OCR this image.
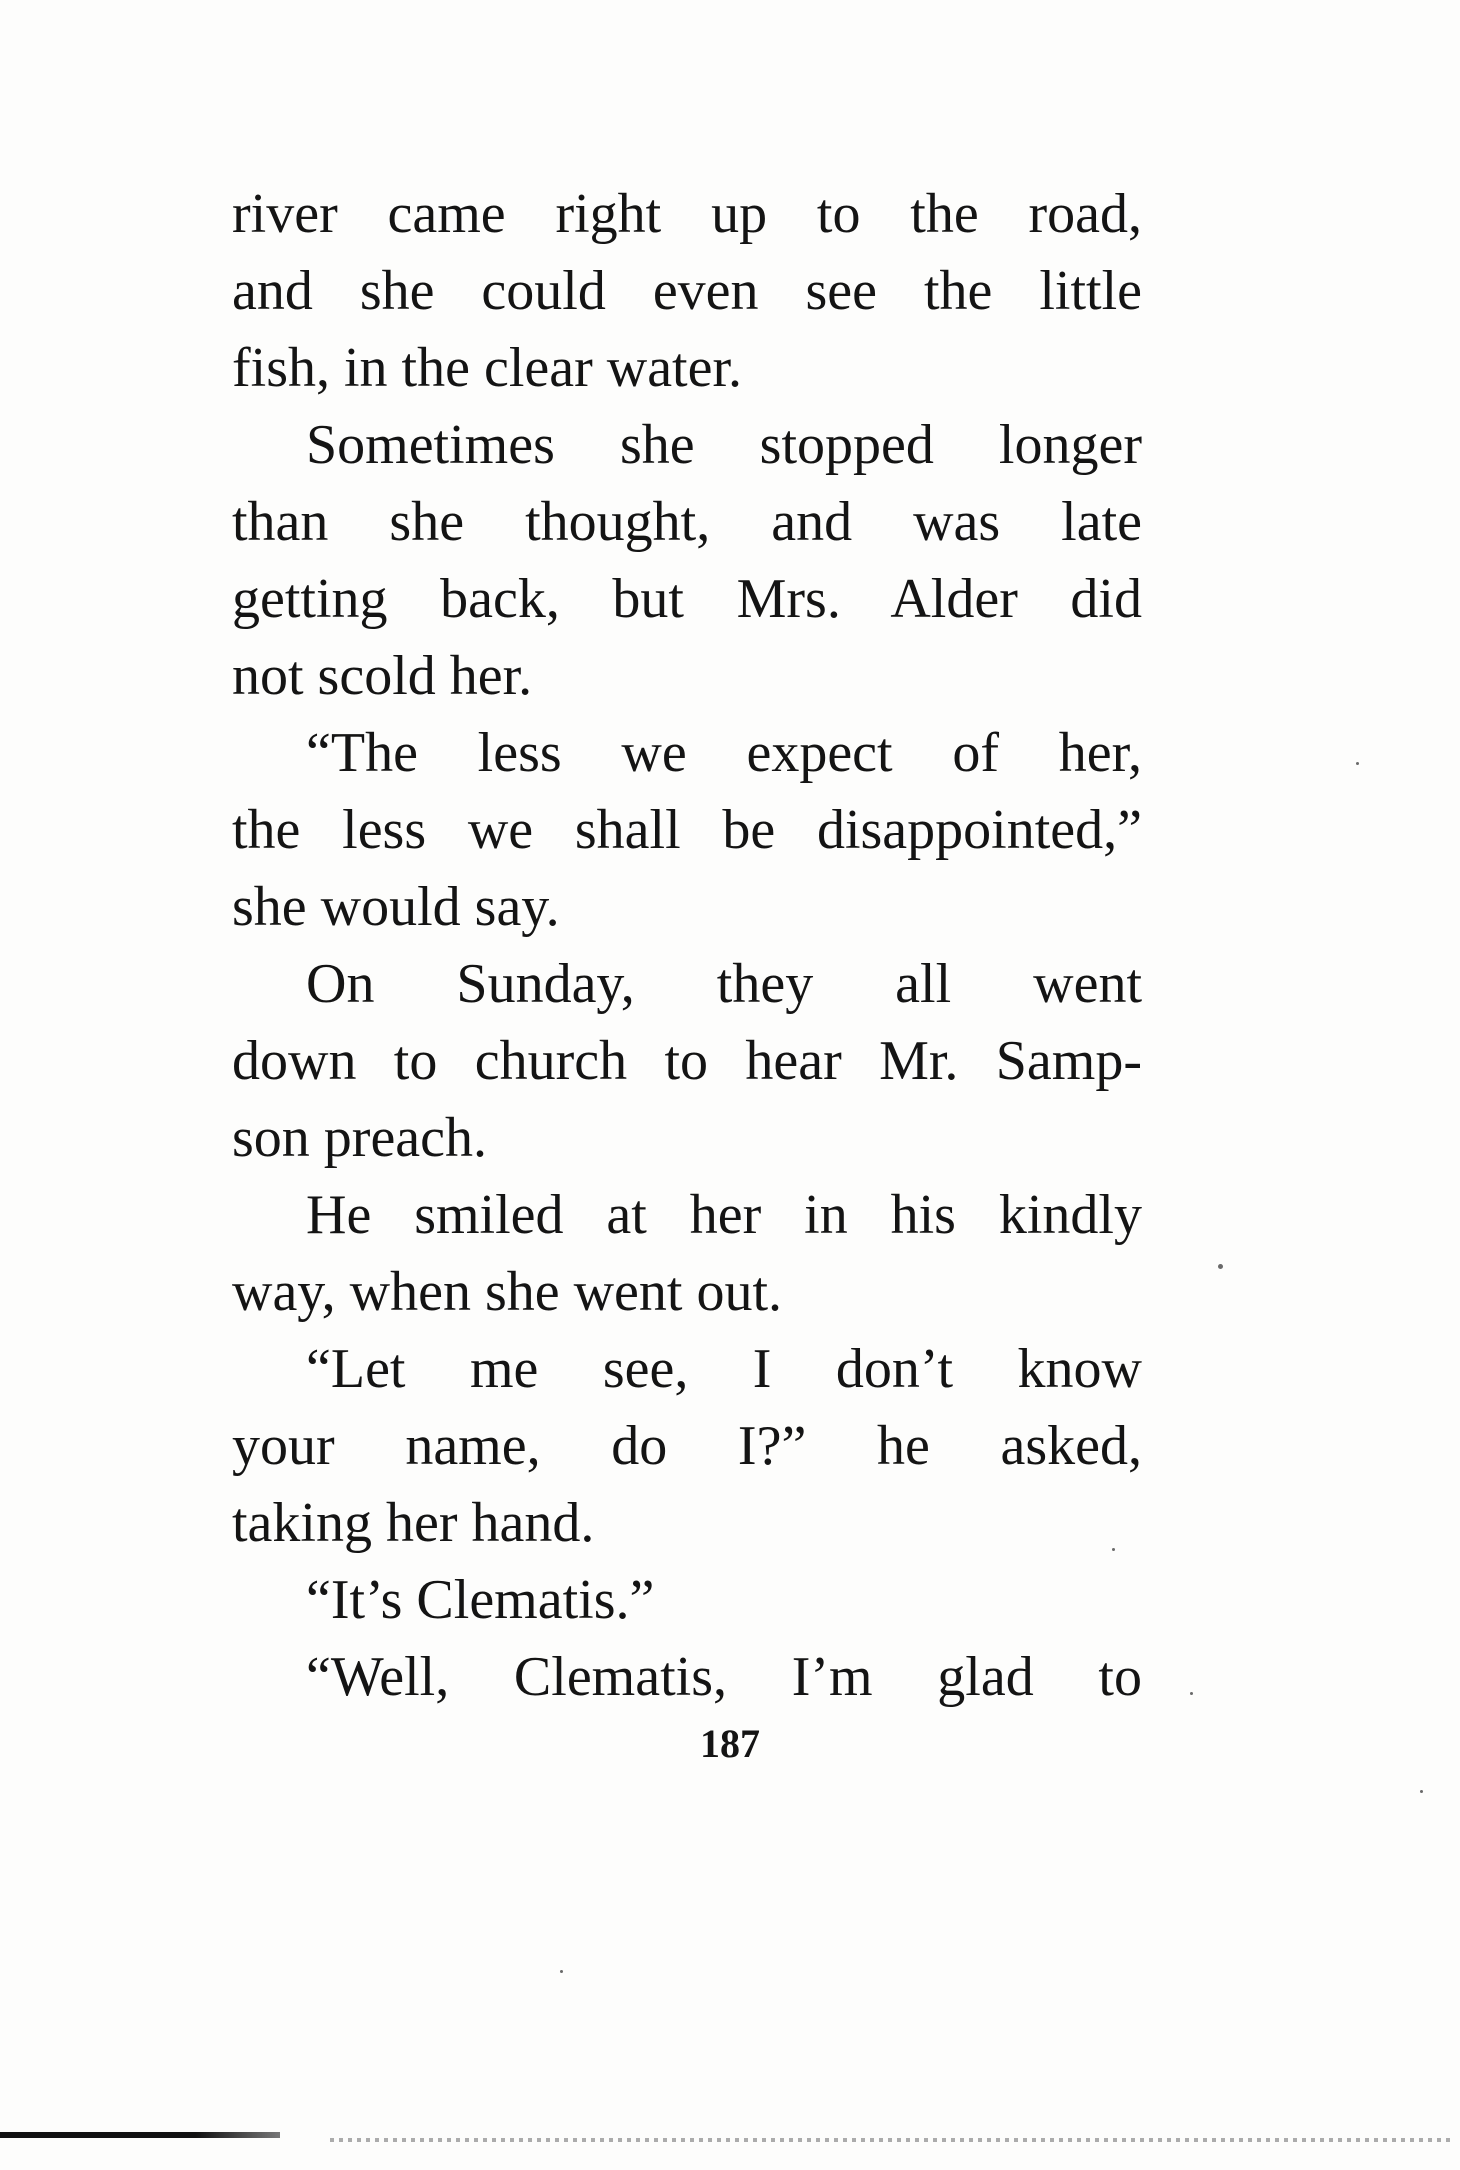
river came right up to the road,
and she could even see the little
fish, in the clear water.
Sometimes she stopped longer
than she thought, and was late
getting back, but Mrs. Alder did
not scold her.
“The less we expect of her,
the less we shall be disappointed,”
she would say.
On Sunday, they all went
down to church to hear Mr. Samp-
son preach.
He smiled at her in his kindly
way, when she went out.
“Let me see, I don’t know
your name, do I?” he asked,
taking her hand.
“It’s Clematis.”
“Well, Clematis, I’m glad to
187
